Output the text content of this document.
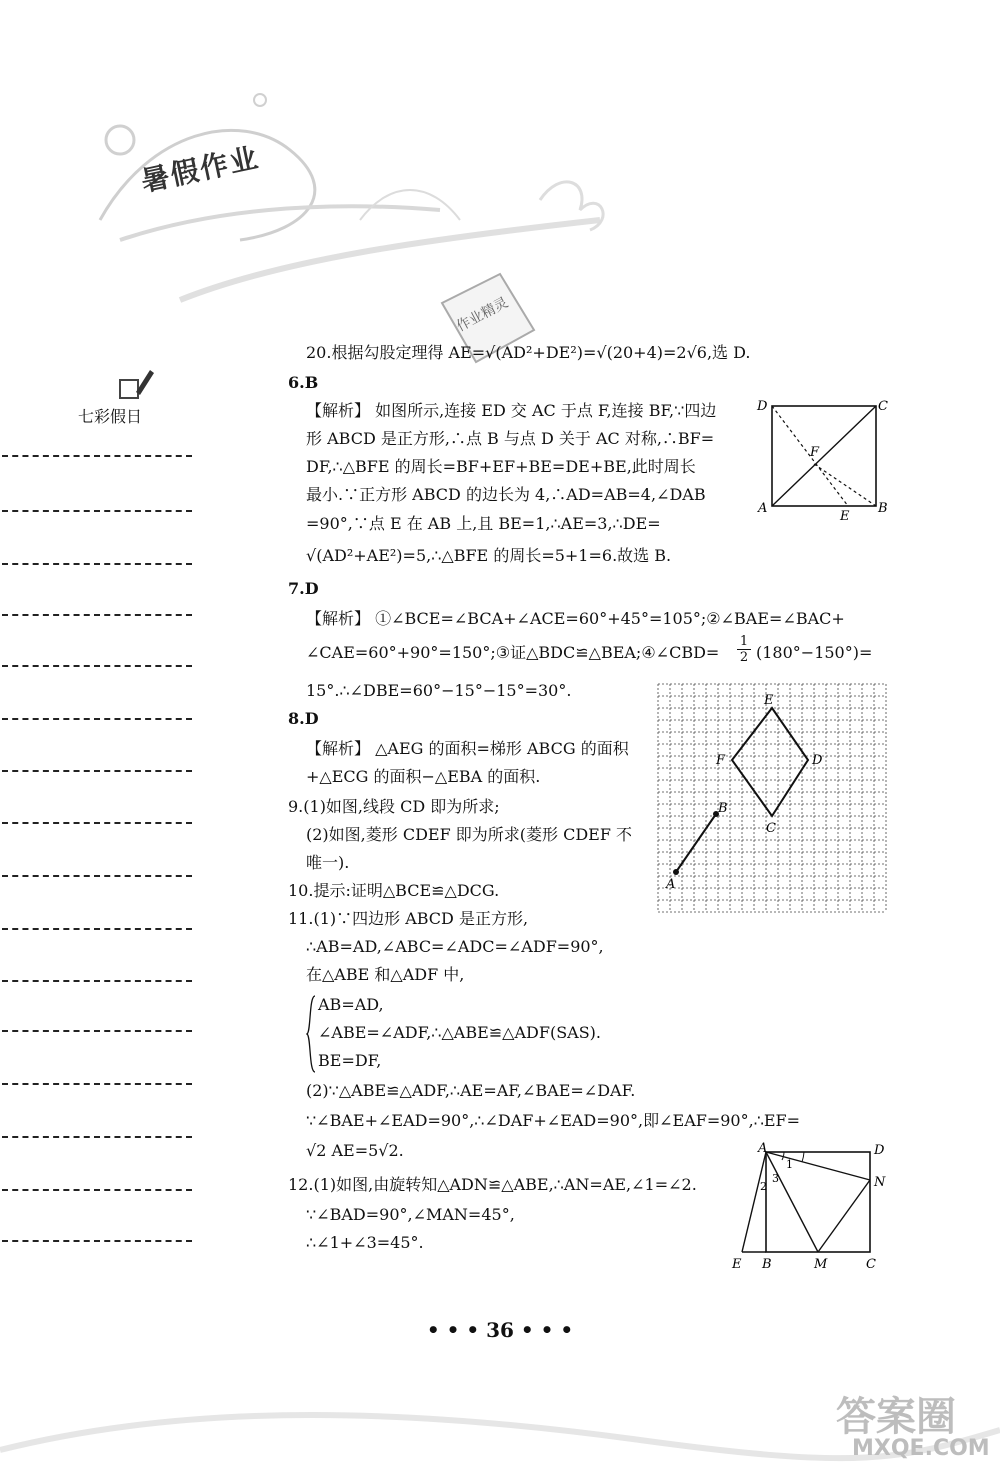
暑假作业
作业精灵
七彩假日
20.根据勾股定理得 AE=√(AD²+DE²)=√(20+4)=2√6,选 D.
6.B
【解析】 如图所示,连接 ED 交 AC 于点 F,连接 BF,∵四边
形 ABCD 是正方形,∴点 B 与点 D 关于 AC 对称,∴BF=
DF,∴△BFE 的周长=BF+EF+BE=DE+BE,此时周长
最小.∵正方形 ABCD 的边长为 4,∴AD=AB=4,∠DAB
=90°,∵点 E 在 AB 上,且 BE=1,∴AE=3,∴DE=
√(AD²+AE²)=5,∴△BFE 的周长=5+1=6.故选 B.
D	C
F
A
E
B
7.D
【解析】 ①∠BCE=∠BCA+∠ACE=60°+45°=105°;②∠BAE=∠BAC+
∠CAE=60°+90°=150°;③证△BDC≌△BEA;④∠CBD= $\frac{1}{2} (180^\circ-150^\circ)=$
15°.∴∠DBE=60°−15°−15°=30°.
8.D
【解析】 △AEG 的面积=梯形 ABCG 的面积
+△ECG 的面积−△EBA 的面积.
9.(1)如图,线段 CD 即为所求;
(2)如图,菱形 CDEF 即为所求(菱形 CDEF 不
唯一).
E
F	D
B
C
A
10.提示:证明△BCE≌△DCG.
11.(1)∵四边形 ABCD 是正方形,
∴AB=AD,∠ABC=∠ADC=∠ADF=90°,
在△ABE 和△ADF 中,
AB=AD,
∠ABE=∠ADF,∴△ABE≌△ADF(SAS).
BE=DF,
(2)∵△ABE≌△ADF,∴AE=AF,∠BAE=∠DAF.
∵∠BAE+∠EAD=90°,∴∠DAF+∠EAD=90°,即∠EAF=90°,∴EF=
√2 AE=5√2.
12.(1)如图,由旋转知△ADN≌△ABE,∴AN=AE,∠1=∠2.
∵∠BAD=90°,∠MAN=45°,
∴∠1+∠3=45°.
A	D
N
E B	M	C
2
3
1
• • • 36 • • •
答案圈
MXQE.COM
